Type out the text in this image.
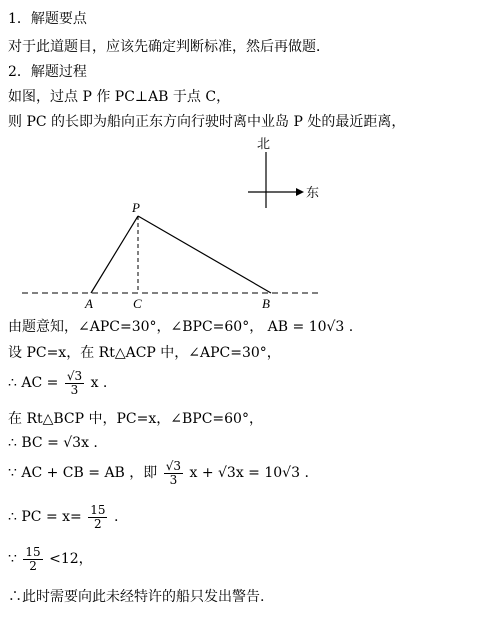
1．解题要点
对于此道题目，应该先确定判断标准，然后再做题．
2．解题过程
如图，过点 P 作 PC⊥AB 于点 C，
则 PC 的长即为船向正东方向行驶时离中业岛 P 处的最近距离，
北
东
P
A	C	B
由题意知，∠APC=30°，∠BPC=60°， AB = 10√3 .
设 PC=x，在 Rt△ACP 中，∠APC=30°，
∴ AC = $\frac{√3}{3}$ x .
在 Rt△BCP 中，PC=x，∠BPC=60°，
∴ BC = √3x .
∵ AC + CB = AB ，即 $\frac{√3}{3}$ x + √3x = 10√3 .
∴ PC = $x= \frac{15}{2}$ .
∵ $\frac{15}{2} <12$，
∴此时需要向此未经特许的船只发出警告.
